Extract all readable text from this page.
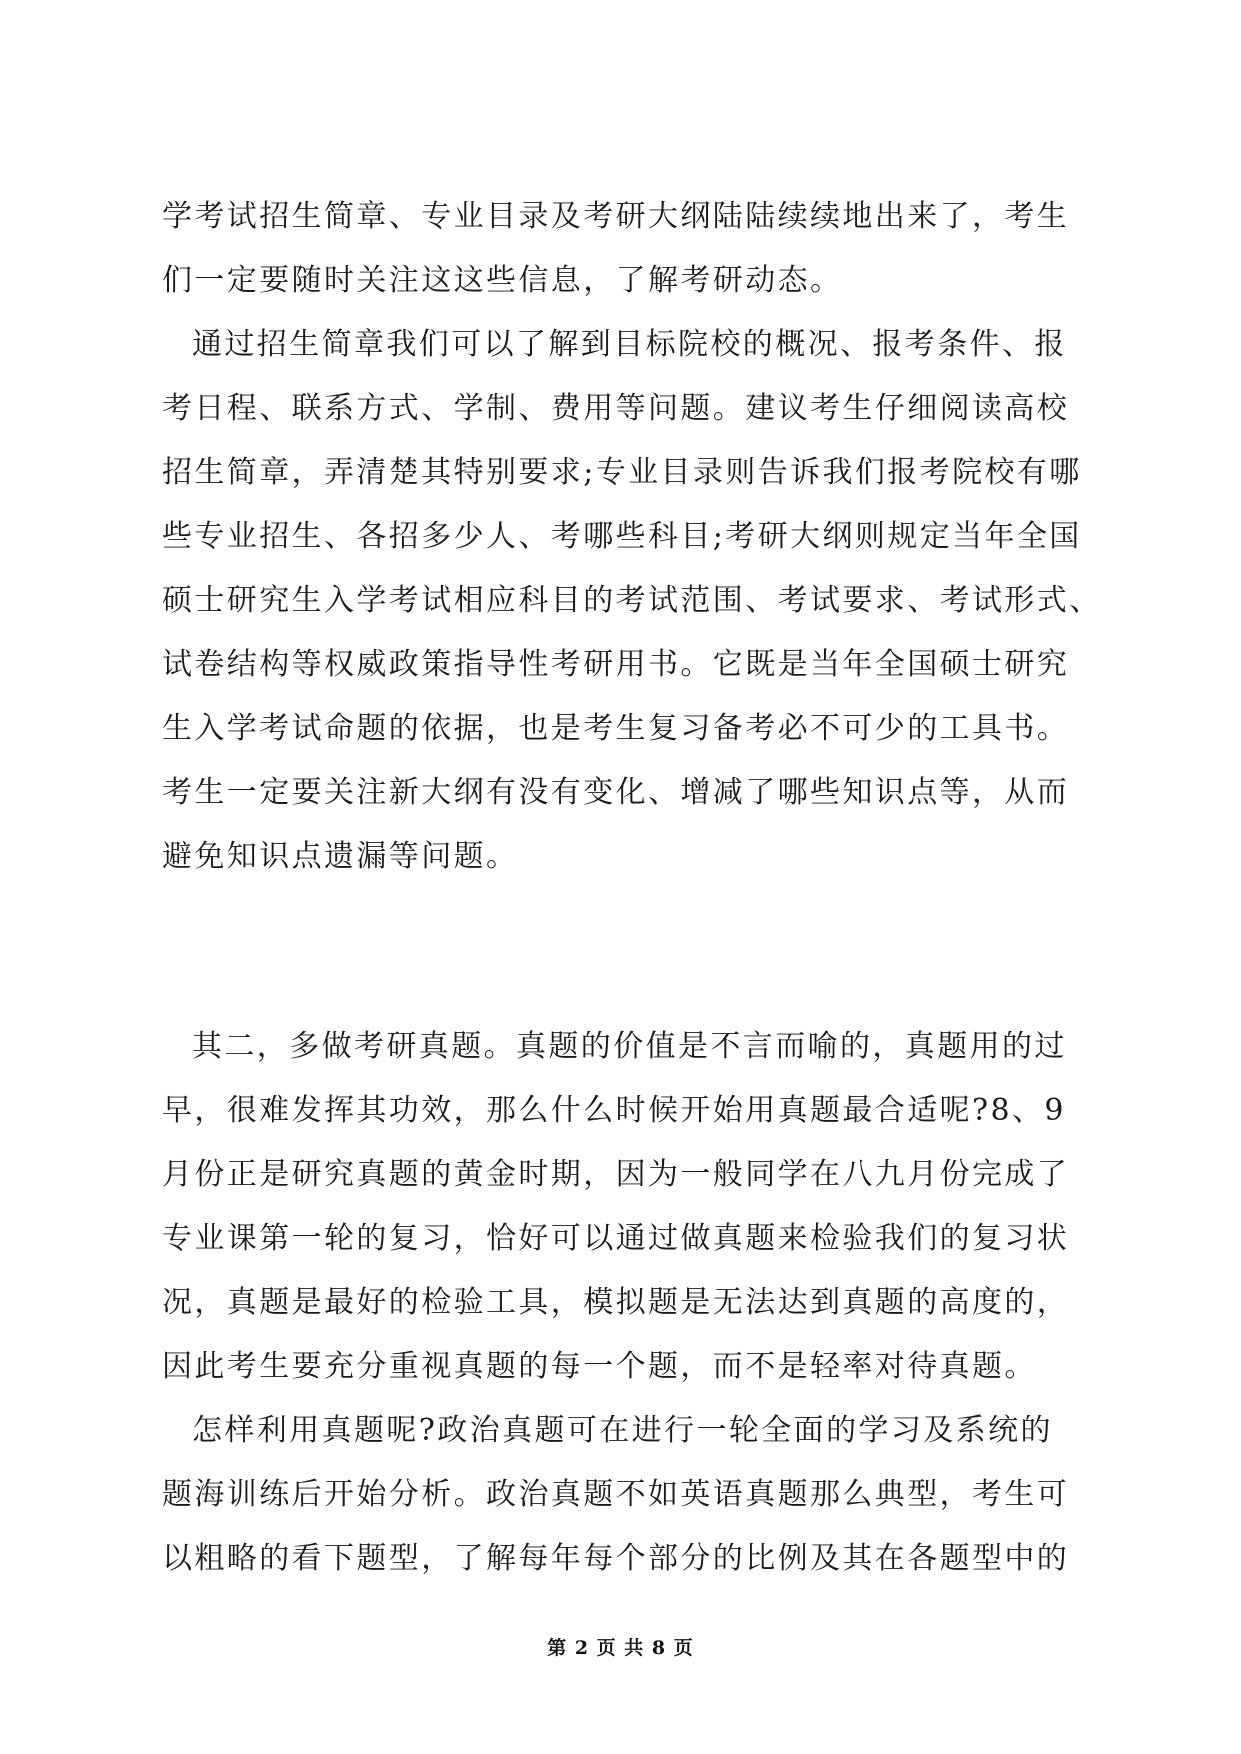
学考试招生简章、专业目录及考研大纲陆陆续续地出来了，考生
们一定要随时关注这这些信息，了解考研动态。
通过招生简章我们可以了解到目标院校的概况、报考条件、报
考日程、联系方式、学制、费用等问题。建议考生仔细阅读高校
招生简章，弄清楚其特别要求;专业目录则告诉我们报考院校有哪
些专业招生、各招多少人、考哪些科目;考研大纲则规定当年全国
硕士研究生入学考试相应科目的考试范围、考试要求、考试形式、
试卷结构等权威政策指导性考研用书。它既是当年全国硕士研究
生入学考试命题的依据，也是考生复习备考必不可少的工具书。
考生一定要关注新大纲有没有变化、增减了哪些知识点等，从而
避免知识点遗漏等问题。
其二，多做考研真题。真题的价值是不言而喻的，真题用的过
早，很难发挥其功效，那么什么时候开始用真题最合适呢?8、9
月份正是研究真题的黄金时期，因为一般同学在八九月份完成了
专业课第一轮的复习，恰好可以通过做真题来检验我们的复习状
况，真题是最好的检验工具，模拟题是无法达到真题的高度的，
因此考生要充分重视真题的每一个题，而不是轻率对待真题。
怎样利用真题呢?政治真题可在进行一轮全面的学习及系统的
题海训练后开始分析。政治真题不如英语真题那么典型，考生可
以粗略的看下题型，了解每年每个部分的比例及其在各题型中的
第 2 页 共 8 页
